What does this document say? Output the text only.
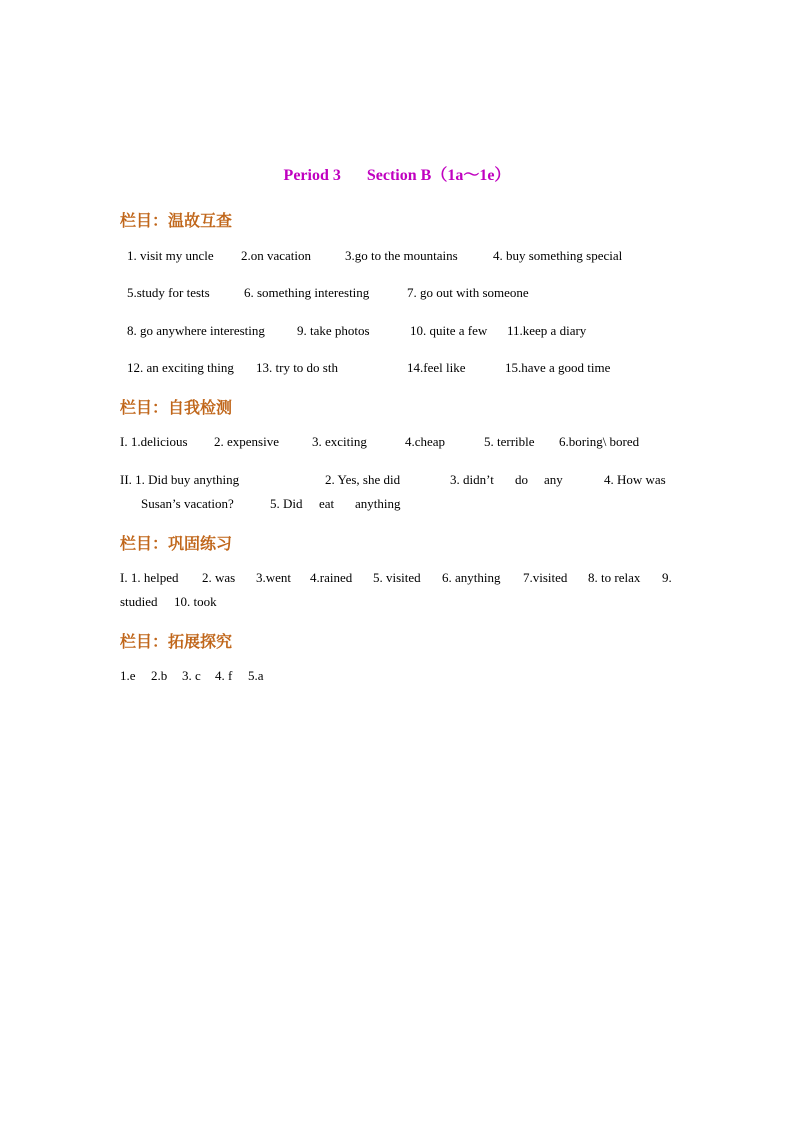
Period 3 Section B（1a～1e）
栏目：温故互查
1. visit my uncle 2.on vacation	3.go to the mountains	4. buy something special
5.study for tests	6. something interesting	7. go out with someone
8. go anywhere interesting 9. take photos	10. quite a few 11.keep a diary
12. an exciting thing 13. try to do sth	14.feel like	15.have a good time
栏目：自我检测
I. 1.delicious 2. expensive	3. exciting	4.cheap	5. terrible 6.boring\ bored
II. 1. Did buy anything	2. Yes, she did	3. didn’t do any	4. How was
Susan’s vacation?	5. Did eat anything
栏目：巩固练习
I. 1. helped 2. was 3.went 4.rained 5. visited 6. anything 7.visited 8. to relax 9.
studied 10. took
栏目：拓展探究
1.e 2.b 3. c 4. f 5.a
